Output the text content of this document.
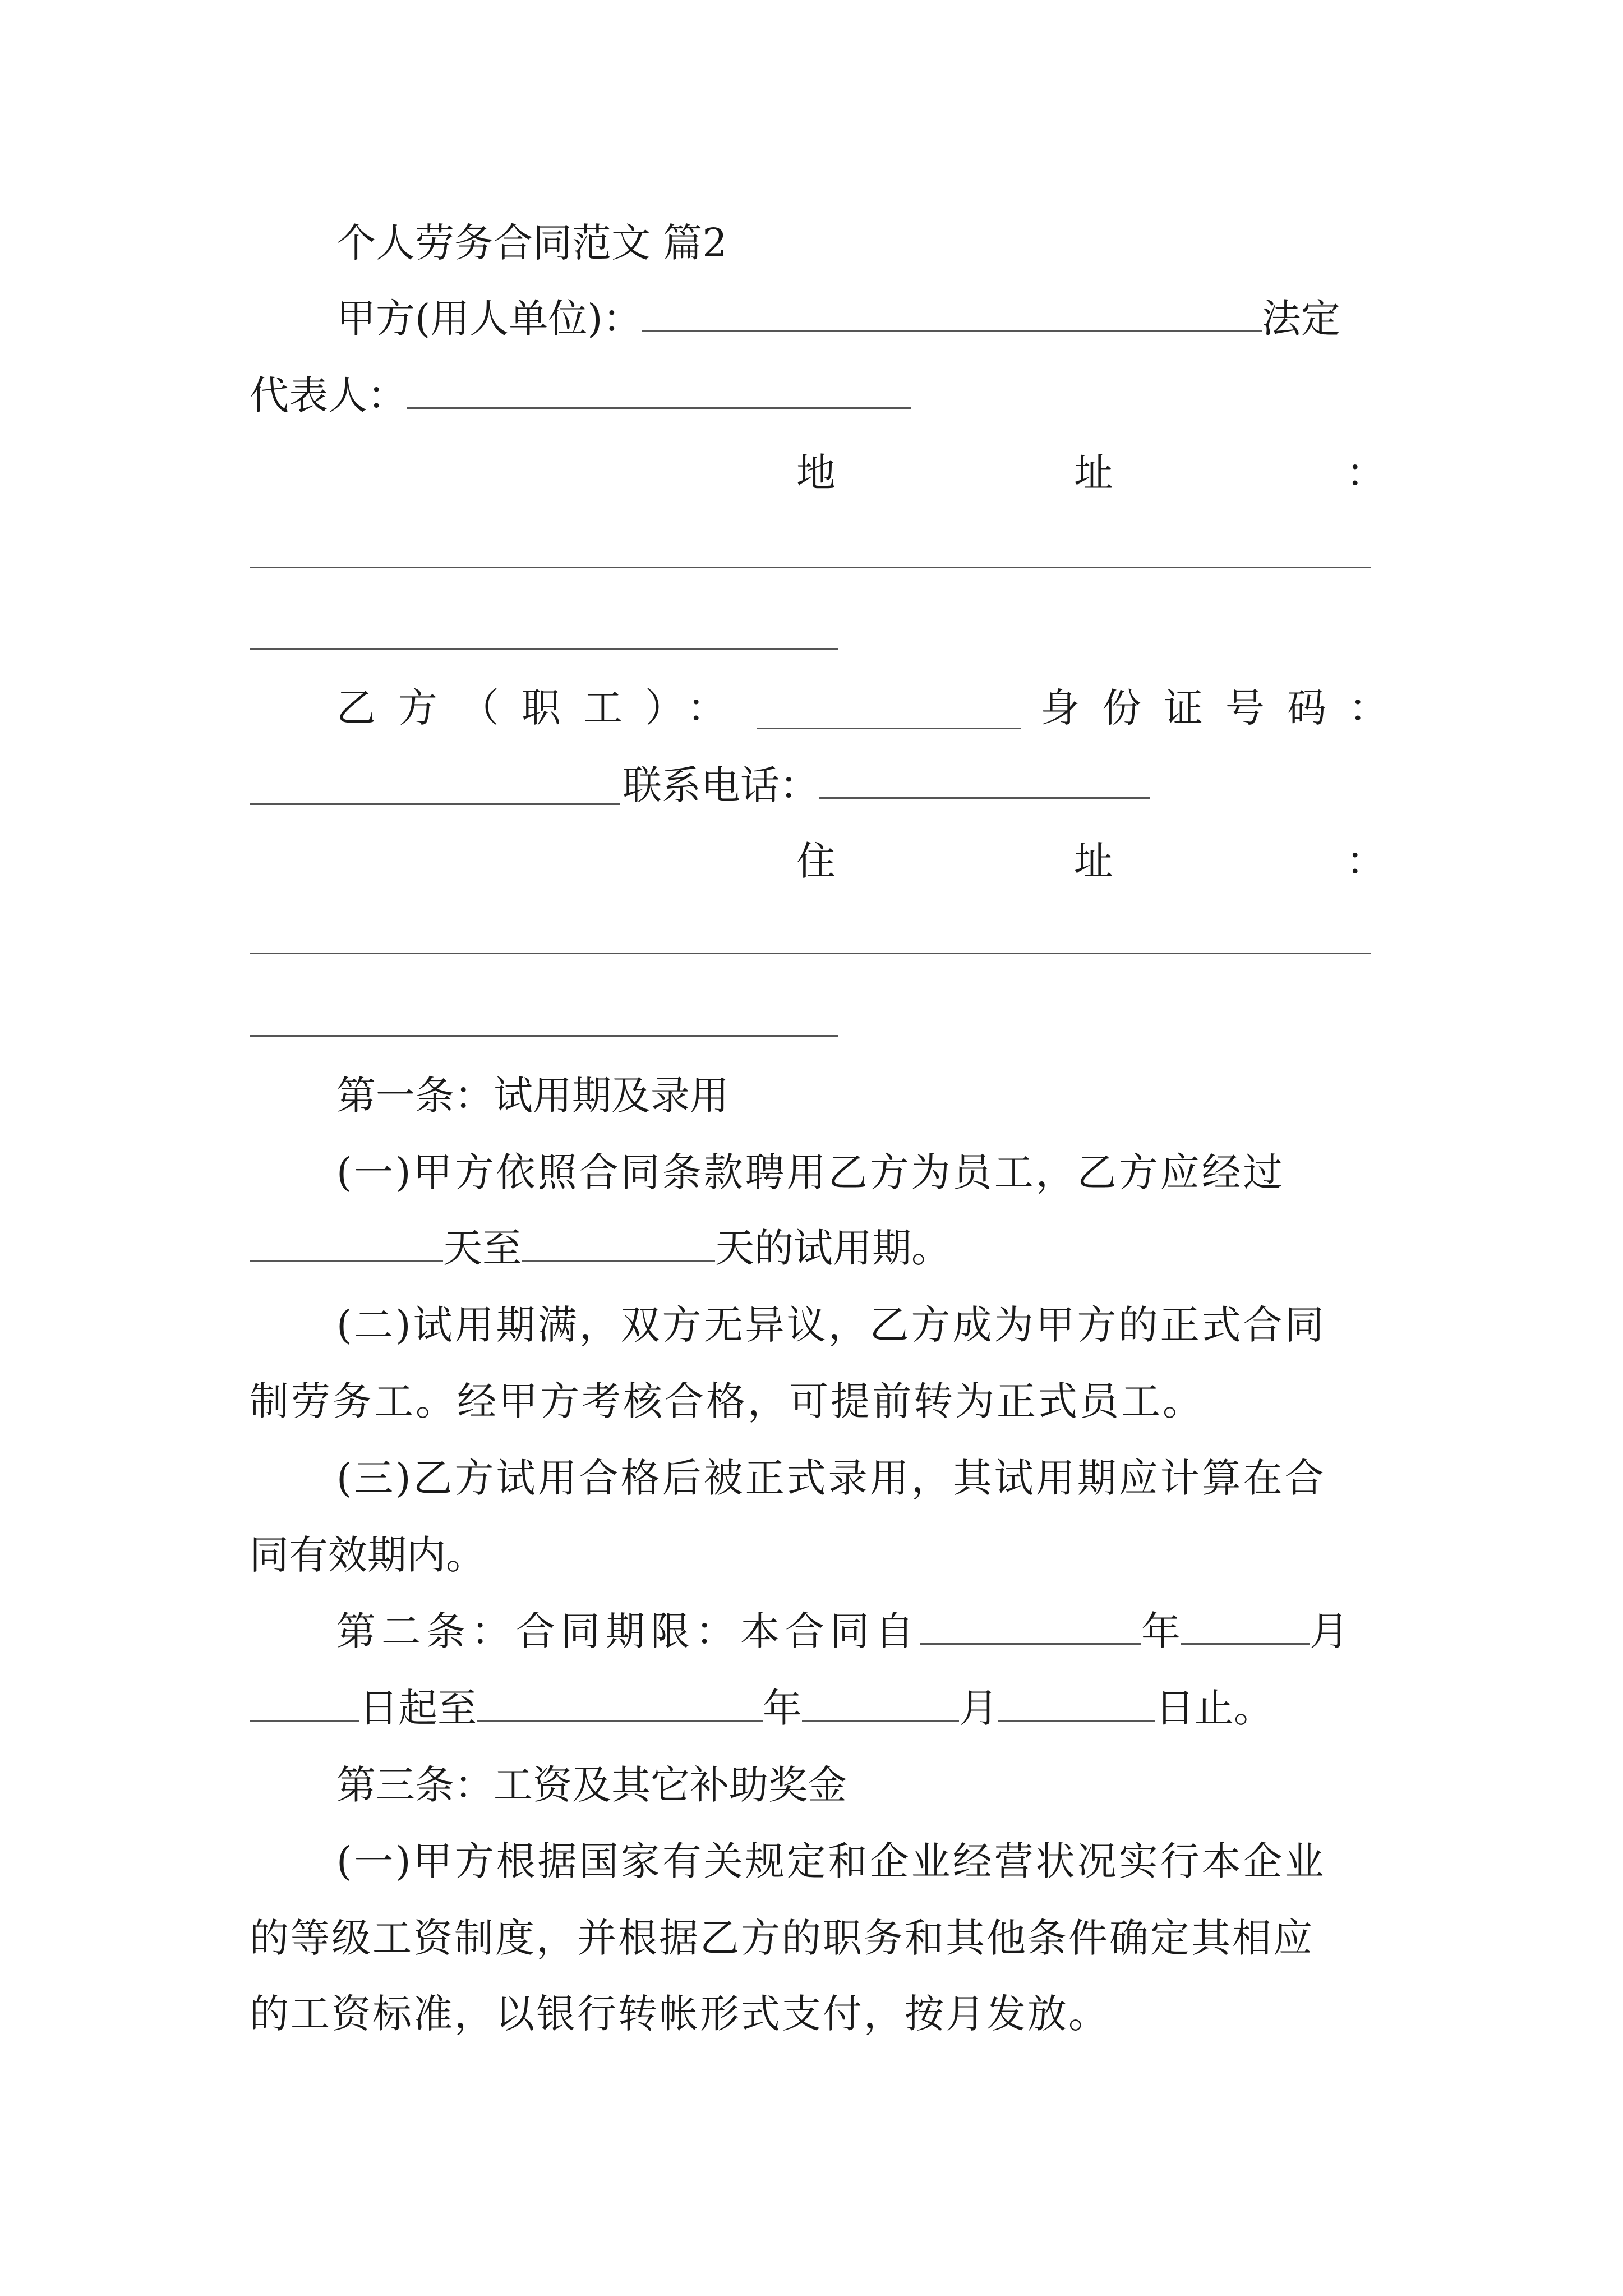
个人劳务合同范文 篇2
甲方(用人单位)：	法定
代表人：
地	址	：
乙方（职工）：	身份证号码：
联系电话：
住	址	：
第一条：试用期及录用
(一)甲方依照合同条款聘用乙方为员工，乙方应经过
天至	天的试用期。
(二)试用期满，双方无异议，乙方成为甲方的正式合同
制劳务工。经甲方考核合格，可提前转为正式员工。
(三)乙方试用合格后被正式录用，其试用期应计算在合
同有效期内。
第二条：合同期限：本合同自	年	月
日起至	年	月	日止。
第三条：工资及其它补助奖金
(一)甲方根据国家有关规定和企业经营状况实行本企业
的等级工资制度，并根据乙方的职务和其他条件确定其相应
的工资标准，以银行转帐形式支付，按月发放。
